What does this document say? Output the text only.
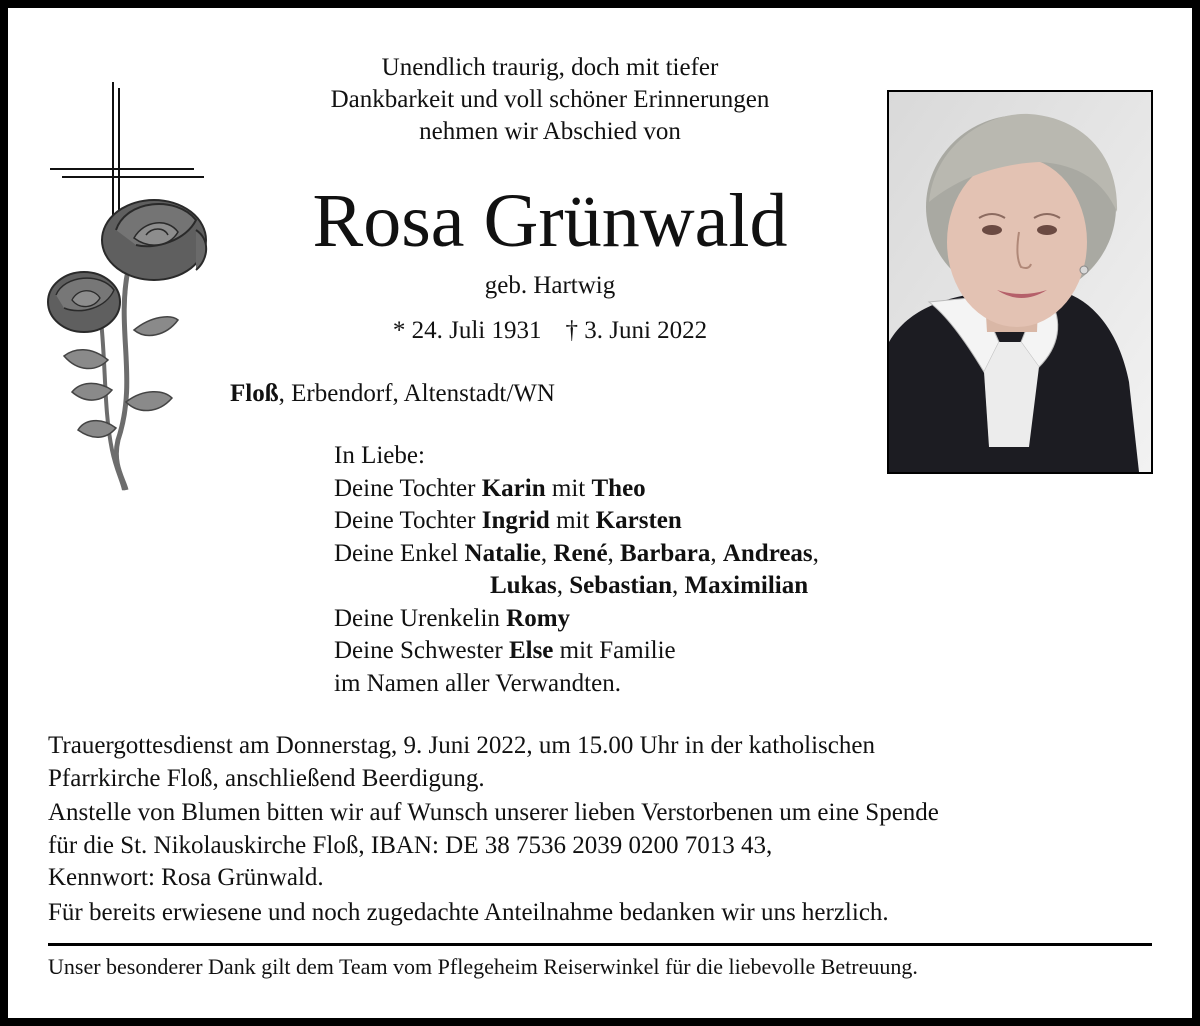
Unendlich traurig, doch mit tiefer
Dankbarkeit und voll schöner Erinnerungen
nehmen wir Abschied von
Rosa Grünwald
geb. Hartwig
* 24. Juli 1931 † 3. Juni 2022
Floß, Erbendorf, Altenstadt/WN
In Liebe:
Deine Tochter Karin mit Theo
Deine Tochter Ingrid mit Karsten
Deine Enkel Natalie, René, Barbara, Andreas,
Lukas, Sebastian, Maximilian
Deine Urenkelin Romy
Deine Schwester Else mit Familie
im Namen aller Verwandten.

Trauergottesdienst am Donnerstag, 9. Juni 2022, um 15.00 Uhr in der katholischen
Pfarrkirche Floß, anschließend Beerdigung.

Anstelle von Blumen bitten wir auf Wunsch unserer lieben Verstorbenen um eine Spende
für die St. Nikolauskirche Floß, IBAN: DE 38 7536 2039 0200 7013 43,
Kennwort: Rosa Grünwald.

Für bereits erwiesene und noch zugedachte Anteilnahme bedanken wir uns herzlich.

Unser besonderer Dank gilt dem Team vom Pflegeheim Reiserwinkel für die liebevolle Betreuung.
